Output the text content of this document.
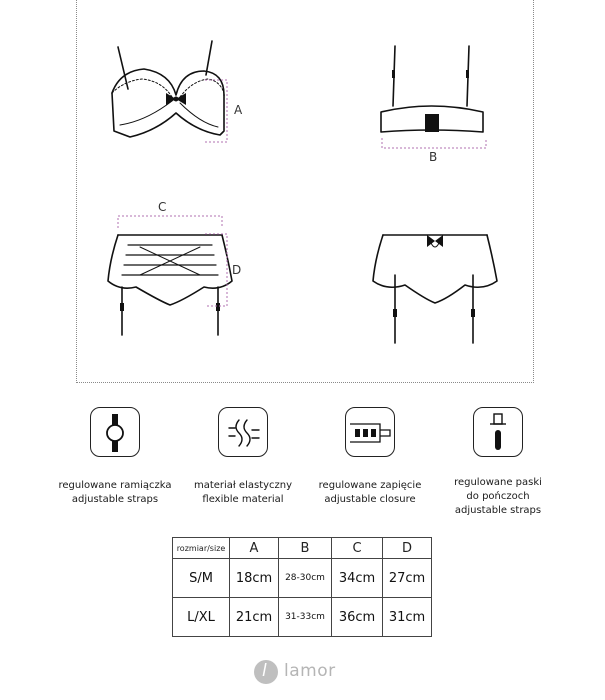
A
B
C
D
regulowane ramiączka
adjustable straps
materiał elastyczny
flexible material
regulowane zapięcie
adjustable closure
regulowane paski
do pończoch
adjustable straps
rozmiar/size	A	B	C	D
S/M	18cm	28-30cm	34cm	27cm
L/XL	21cm	31-33cm	36cm	31cm
l lamor
